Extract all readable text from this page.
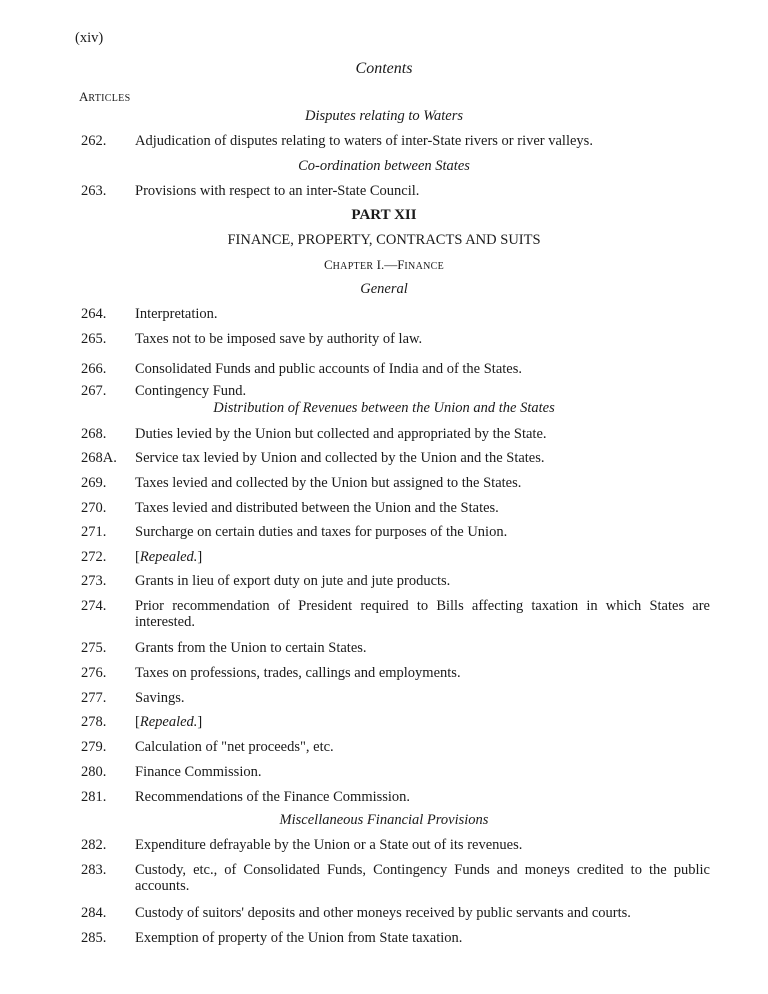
(xiv)
Contents
ARTICLES
Disputes relating to Waters
262. Adjudication of disputes relating to waters of inter-State rivers or river valleys.
Co-ordination between States
263. Provisions with respect to an inter-State Council.
PART XII
FINANCE, PROPERTY, CONTRACTS AND SUITS
CHAPTER I.—FINANCE
General
264. Interpretation.
265. Taxes not to be imposed save by authority of law.
266. Consolidated Funds and public accounts of India and of the States.
267. Contingency Fund.
Distribution of Revenues between the Union and the States
268. Duties levied by the Union but collected and appropriated by the State.
268A. Service tax levied by Union and collected by the Union and the States.
269. Taxes levied and collected by the Union but assigned to the States.
270. Taxes levied and distributed between the Union and the States.
271. Surcharge on certain duties and taxes for purposes of the Union.
272. [Repealed.]
273. Grants in lieu of export duty on jute and jute products.
274. Prior recommendation of President required to Bills affecting taxation in which States are interested.
275. Grants from the Union to certain States.
276. Taxes on professions, trades, callings and employments.
277. Savings.
278. [Repealed.]
279. Calculation of "net proceeds", etc.
280. Finance Commission.
281. Recommendations of the Finance Commission.
Miscellaneous Financial Provisions
282. Expenditure defrayable by the Union or a State out of its revenues.
283. Custody, etc., of Consolidated Funds, Contingency Funds and moneys credited to the public accounts.
284. Custody of suitors' deposits and other moneys received by public servants and courts.
285. Exemption of property of the Union from State taxation.
